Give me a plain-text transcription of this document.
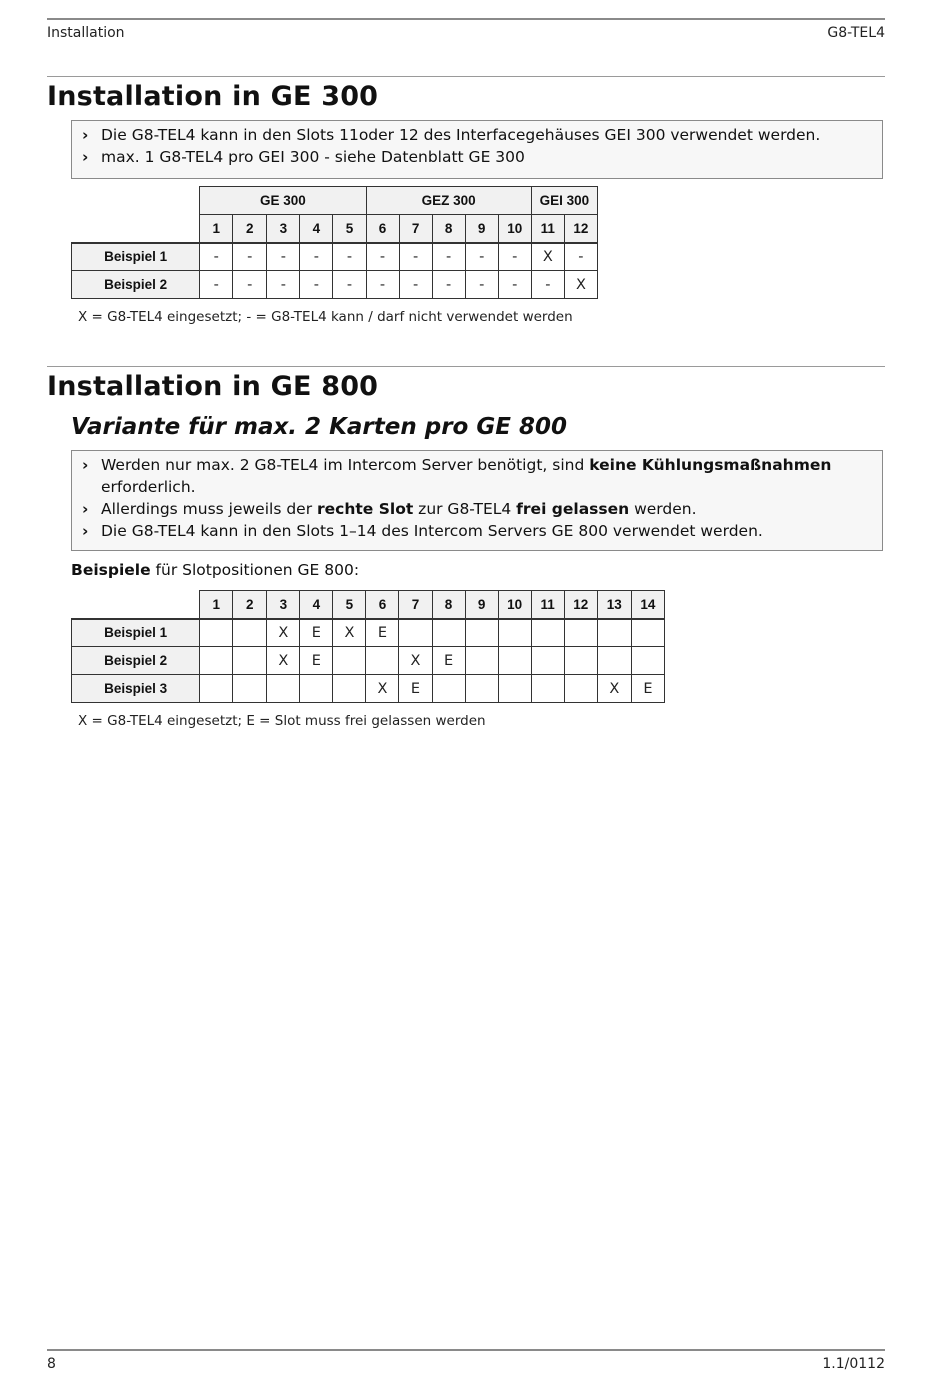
Installation	G8-TEL4
Installation in GE 300
› Die G8-TEL4 kann in den Slots 11oder 12 des Interfacegehäuses GEI 300 verwendet werden.
› max. 1 G8-TEL4 pro GEI 300 - siehe Datenblatt GE 300
	GE 300					GEZ 300					GEI 300	
	1	2	3	4	5	6	7	8	9	10	11	12
Beispiel 1	-	-	-	-	-	-	-	-	-	-	X	-
Beispiel 2	-	-	-	-	-	-	-	-	-	-	-	X
X = G8-TEL4 eingesetzt; - = G8-TEL4 kann / darf nicht verwendet werden
Installation in GE 800
Variante für max. 2 Karten pro GE 800
› Werden nur max. 2 G8-TEL4 im Intercom Server benötigt, sind keine Kühlungsmaßnahmen
erforderlich.
› Allerdings muss jeweils der rechte Slot zur G8-TEL4 frei gelassen werden.
› Die G8-TEL4 kann in den Slots 1–14 des Intercom Servers GE 800 verwendet werden.
Beispiele für Slotpositionen GE 800:
	1	2	3	4	5	6	7	8	9	10	11	12	13	14
Beispiel 1			X	E	X	E								
Beispiel 2			X	E			X	E						
Beispiel 3						X	E						X	E
X = G8-TEL4 eingesetzt; E = Slot muss frei gelassen werden
8	1.1/0112
